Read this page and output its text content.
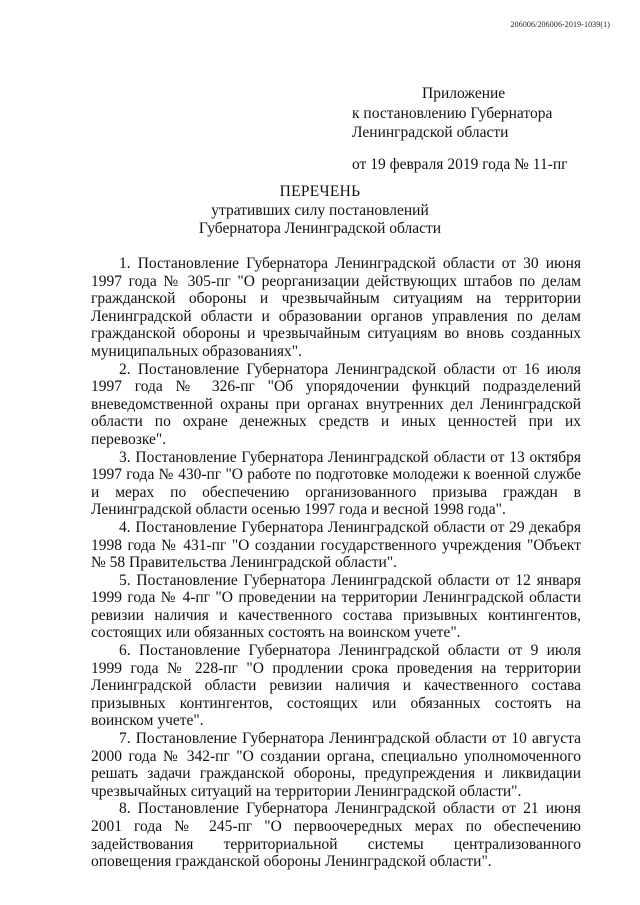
206006/206006-2019-1039(1)
Приложение
к постановлению Губернатора
Ленинградской области
от 19 февраля 2019 года № 11-пг
ПЕРЕЧЕНЬ
утративших силу постановлений
Губернатора Ленинградской области

1. Постановление Губернатора Ленинградской области от 30 июня 1997 года № 305-пг "О реорганизации действующих штабов по делам гражданской обороны и чрезвычайным ситуациям на территории Ленинградской области и образовании органов управления по делам гражданской обороны и чрезвычайным ситуациям во вновь созданных муниципальных образованиях".

2. Постановление Губернатора Ленинградской области от 16 июля 1997 года № 326-пг "Об упорядочении функций подразделений вневедомственной охраны при органах внутренних дел Ленинградской области по охране денежных средств и иных ценностей при их перевозке".

3. Постановление Губернатора Ленинградской области от 13 октября 1997 года № 430-пг "О работе по подготовке молодежи к военной службе и мерах по обеспечению организованного призыва граждан в Ленинградской области осенью 1997 года и весной 1998 года".

4. Постановление Губернатора Ленинградской области от 29 декабря 1998 года № 431-пг "О создании государственного учреждения "Объект № 58 Правительства Ленинградской области".

5. Постановление Губернатора Ленинградской области от 12 января 1999 года № 4-пг "О проведении на территории Ленинградской области ревизии наличия и качественного состава призывных контингентов, состоящих или обязанных состоять на воинском учете".

6. Постановление Губернатора Ленинградской области от 9 июля 1999 года № 228-пг "О продлении срока проведения на территории Ленинградской области ревизии наличия и качественного состава призывных контингентов, состоящих или обязанных состоять на воинском учете".

7. Постановление Губернатора Ленинградской области от 10 августа 2000 года № 342-пг "О создании органа, специально уполномоченного решать задачи гражданской обороны, предупреждения и ликвидации чрезвычайных ситуаций на территории Ленинградской области".

8. Постановление Губернатора Ленинградской области от 21 июня 2001 года № 245-пг "О первоочередных мерах по обеспечению задействования территориальной системы централизованного оповещения гражданской обороны Ленинградской области".
